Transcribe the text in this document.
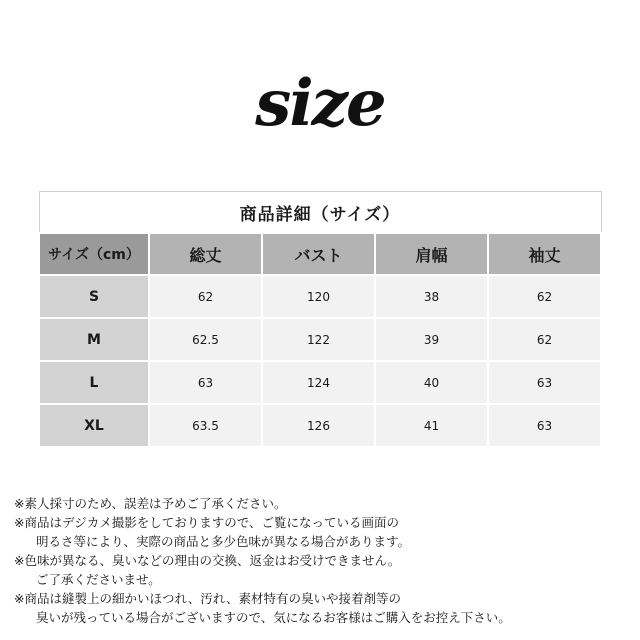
size
商品詳細（サイズ）				
サイズ（cm）	総丈	バスト	肩幅	袖丈
S	62	120	38	62
M	62.5	122	39	62
L	63	124	40	63
XL	63.5	126	41	63
※素人採寸のため、誤差は予めご了承ください。
※商品はデジカメ撮影をしておりますので、ご覧になっている画面の
明るさ等により、実際の商品と多少色味が異なる場合があります。
※色味が異なる、臭いなどの理由の交換、返金はお受けできません。
ご了承くださいませ。
※商品は縫製上の細かいほつれ、汚れ、素材特有の臭いや接着剤等の
臭いが残っている場合がございますので、気になるお客様はご購入をお控え下さい。
